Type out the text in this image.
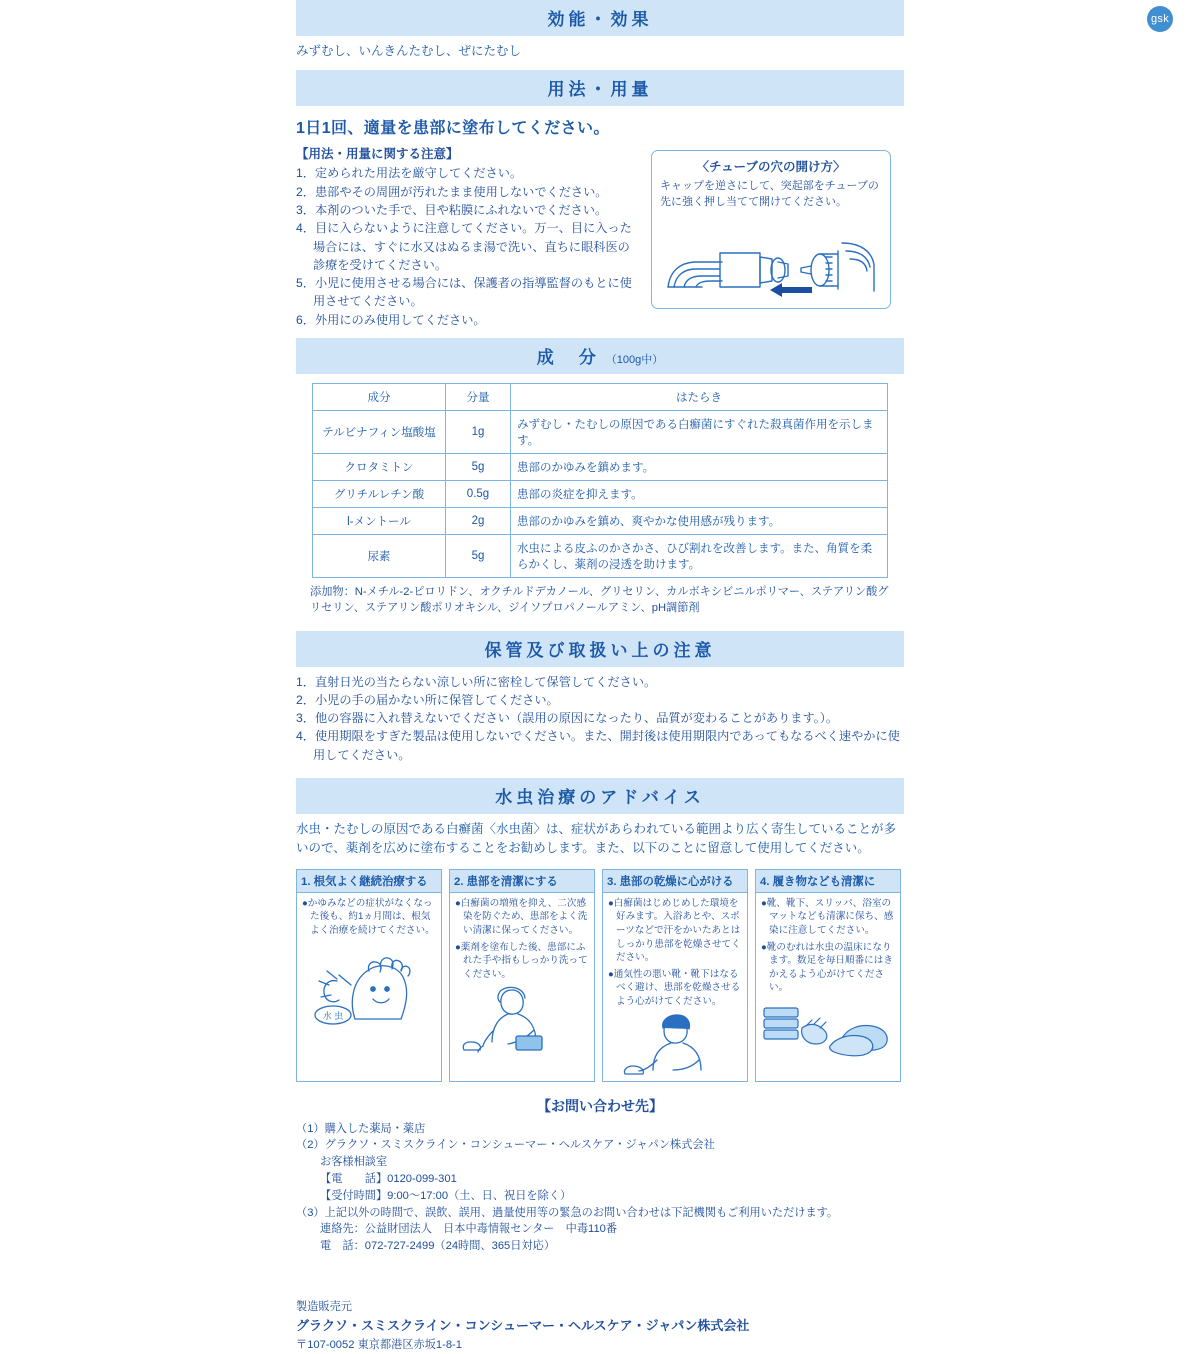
gsk
効能・効果
みずむし、いんきんたむし、ぜにたむし
用法・用量
1日1回、適量を患部に塗布してください。
【用法・用量に関する注意】
1．定められた用法を厳守してください。
2．患部やその周囲が汚れたまま使用しないでください。
3．本剤のついた手で、目や粘膜にふれないでください。
4．目に入らないように注意してください。万一、目に入った場合には、すぐに水又はぬるま湯で洗い、直ちに眼科医の診療を受けてください。
5．小児に使用させる場合には、保護者の指導監督のもとに使用させてください。
6．外用にのみ使用してください。
〈チューブの穴の開け方〉
キャップを逆さにして、突起部をチューブの先に強く押し当てて開けてください。
成　分 （100g中）
成分	分量	はたらき
テルビナフィン塩酸塩	1g	みずむし・たむしの原因である白癬菌にすぐれた殺真菌作用を示します。
クロタミトン	5g	患部のかゆみを鎮めます。
グリチルレチン酸	0.5g	患部の炎症を抑えます。
l-メントール	2g	患部のかゆみを鎮め、爽やかな使用感が残ります。
尿素	5g	水虫による皮ふのかさかさ、ひび割れを改善します。また、角質を柔らかくし、薬剤の浸透を助けます。
添加物：N-メチル-2-ピロリドン、オクチルドデカノール、グリセリン、カルボキシビニルポリマー、ステアリン酸グリセリン、ステアリン酸ポリオキシル、ジイソプロパノールアミン、pH調節剤
保管及び取扱い上の注意
1．直射日光の当たらない涼しい所に密栓して保管してください。
2．小児の手の届かない所に保管してください。
3．他の容器に入れ替えないでください（誤用の原因になったり、品質が変わることがあります。）。
4．使用期限をすぎた製品は使用しないでください。また、開封後は使用期限内であってもなるべく速やかに使用してください。
水虫治療のアドバイス
水虫・たむしの原因である白癬菌〈水虫菌〉は、症状があらわれている範囲より広く寄生していることが多いので、薬剤を広めに塗布することをお勧めします。また、以下のことに留意して使用してください。
1. 根気よく継続治療する

●かゆみなどの症状がなくなった後も、約1ヵ月間は、根気よく治療を続けてください。

水 虫
2. 患部を清潔にする

●白癬菌の増殖を抑え、二次感染を防ぐため、患部をよく洗い清潔に保ってください。

●薬剤を塗布した後、患部にふれた手や指もしっかり洗ってください。

3. 患部の乾燥に心がける

●白癬菌はじめじめした環境を好みます。入浴あとや、スポーツなどで汗をかいたあとはしっかり患部を乾燥させてください。

●通気性の悪い靴・靴下はなるべく避け、患部を乾燥させるよう心がけてください。

4. 履き物なども清潔に

●靴、靴下、スリッパ、浴室のマットなども清潔に保ち、感染に注意してください。

●靴のむれは水虫の温床になります。数足を毎日順番にはきかえるよう心がけてください。

【お問い合わせ先】
（1）購入した薬局・薬店
（2）グラクソ・スミスクライン・コンシューマー・ヘルスケア・ジャパン株式会社
お客様相談室
【電　　話】0120-099-301
【受付時間】9:00〜17:00（土、日、祝日を除く）
（3）上記以外の時間で、誤飲、誤用、過量使用等の緊急のお問い合わせは下記機関もご利用いただけます。
連絡先：公益財団法人　日本中毒情報センター　中毒110番
電　話：072-727-2499（24時間、365日対応）
製造販売元
グラクソ・スミスクライン・コンシューマー・ヘルスケア・ジャパン株式会社
〒107-0052 東京都港区赤坂1-8-1
